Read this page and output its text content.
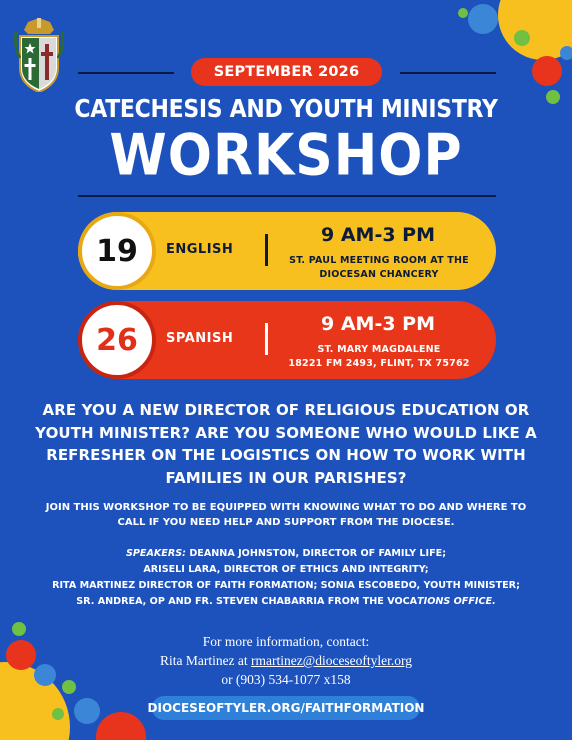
SEPTEMBER 2026
CATECHESIS AND YOUTH MINISTRY
WORKSHOP
19	ENGLISH
9 AM-3 PM
ST. PAUL MEETING ROOM AT THE
DIOCESAN CHANCERY
26	SPANISH
9 AM-3 PM
ST. MARY MAGDALENE
18221 FM 2493, FLINT, TX 75762
ARE YOU A NEW DIRECTOR OF RELIGIOUS EDUCATION OR
YOUTH MINISTER? ARE YOU SOMEONE WHO WOULD LIKE A
REFRESHER ON THE LOGISTICS ON HOW TO WORK WITH
FAMILIES IN OUR PARISHES?
JOIN THIS WORKSHOP TO BE EQUIPPED WITH KNOWING WHAT TO DO AND WHERE TO
CALL IF YOU NEED HELP AND SUPPORT FROM THE DIOCESE.
SPEAKERS: DEANNA JOHNSTON, DIRECTOR OF FAMILY LIFE;
ARISELI LARA, DIRECTOR OF ETHICS AND INTEGRITY;
RITA MARTINEZ DIRECTOR OF FAITH FORMATION; SONIA ESCOBEDO, YOUTH MINISTER;
SR. ANDREA, OP AND FR. STEVEN CHABARRIA FROM THE VOCATIONS OFFICE.
For more information, contact:
Rita Martinez at rmartinez@dioceseoftyler.org
or (903) 534-1077 x158
DIOCESEOFTYLER.ORG/FAITHFORMATION
